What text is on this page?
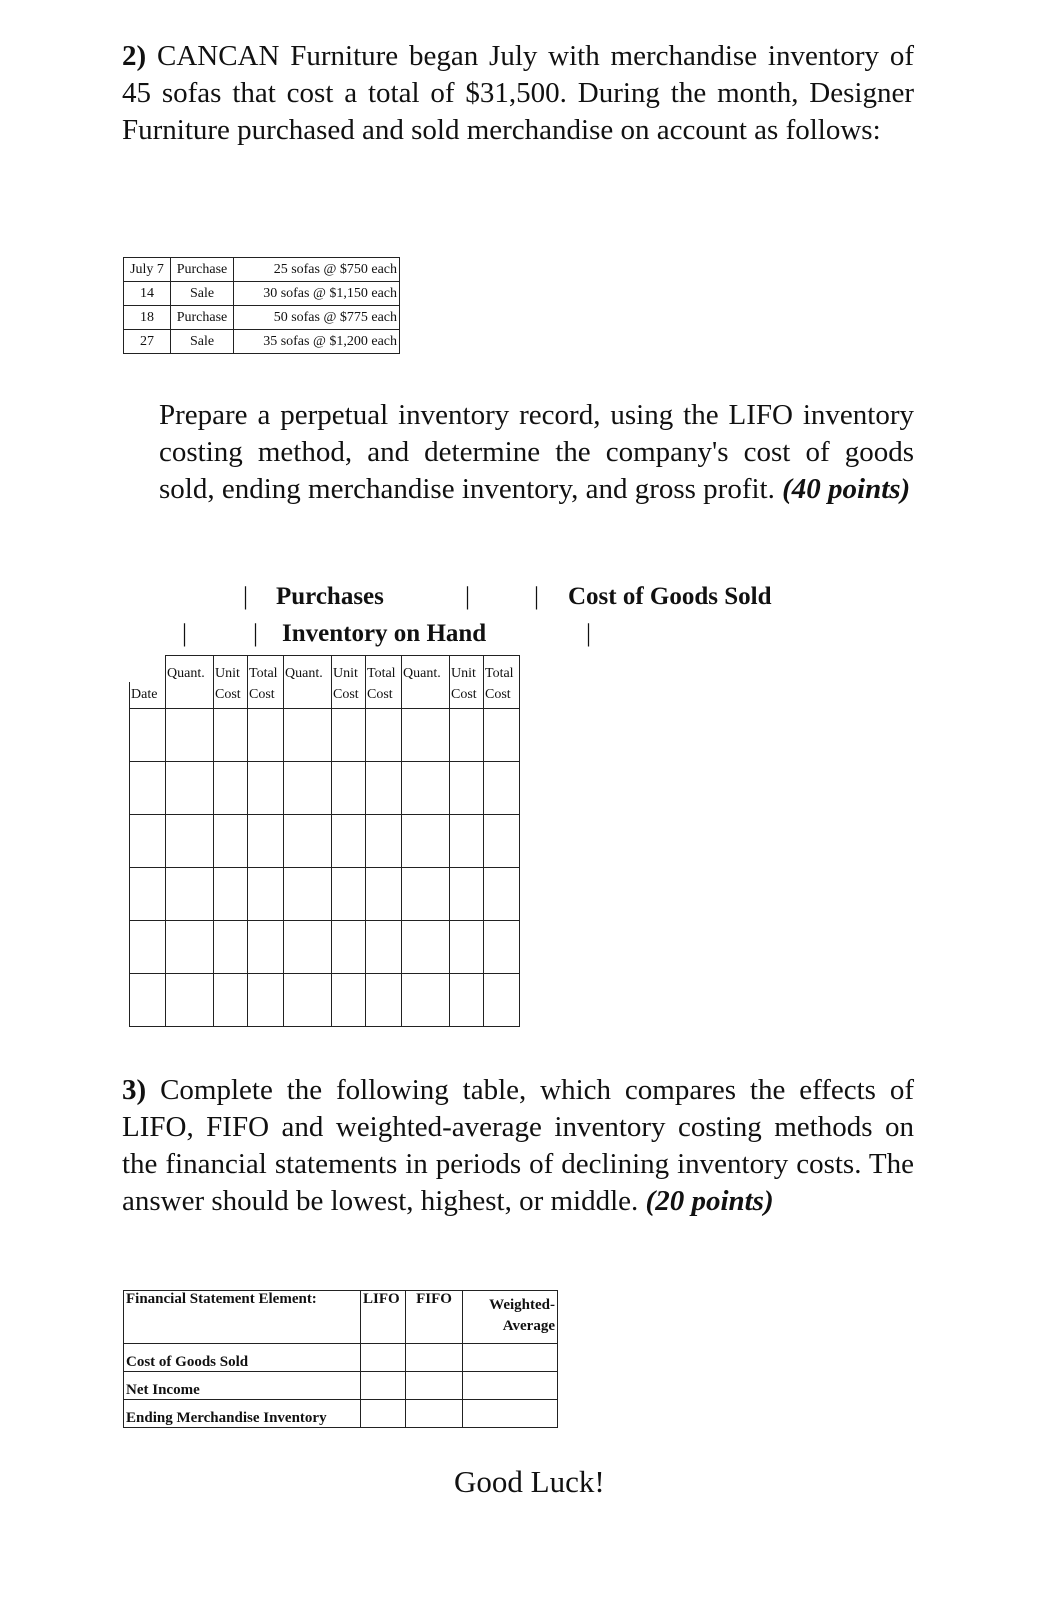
2) CANCAN Furniture began July with merchandise inventory of 45 sofas that cost a total of $31,500. During the month, Designer Furniture purchased and sold merchandise on account as follows:
July 7	Purchase	25 sofas @ $750 each
14	Sale	30 sofas @ $1,150 each
18	Purchase	50 sofas @ $775 each
27	Sale	35 sofas @ $1,200 each
Prepare a perpetual inventory record, using the LIFO inventory costing method, and determine the company's cost of goods sold, ending merchandise inventory, and gross profit. (40 points)
| Purchases	|	| Cost of Goods Sold
|	| Inventory on Hand	|

	Quant.	Unit	Total	Quant.	Unit	Total	Quant.	Unit	Total

Date		Cost	Cost		Cost	Cost		Cost	Cost

3) Complete the following table, which compares the effects of LIFO, FIFO and weighted-average inventory costing methods on the financial statements in periods of declining inventory costs. The answer should be lowest, highest, or middle. (20 points)
Financial Statement Element:	LIFO	FIFO	Weighted-
Average

Cost of Goods Sold			
Net Income			
Ending Merchandise Inventory			
Good Luck!
